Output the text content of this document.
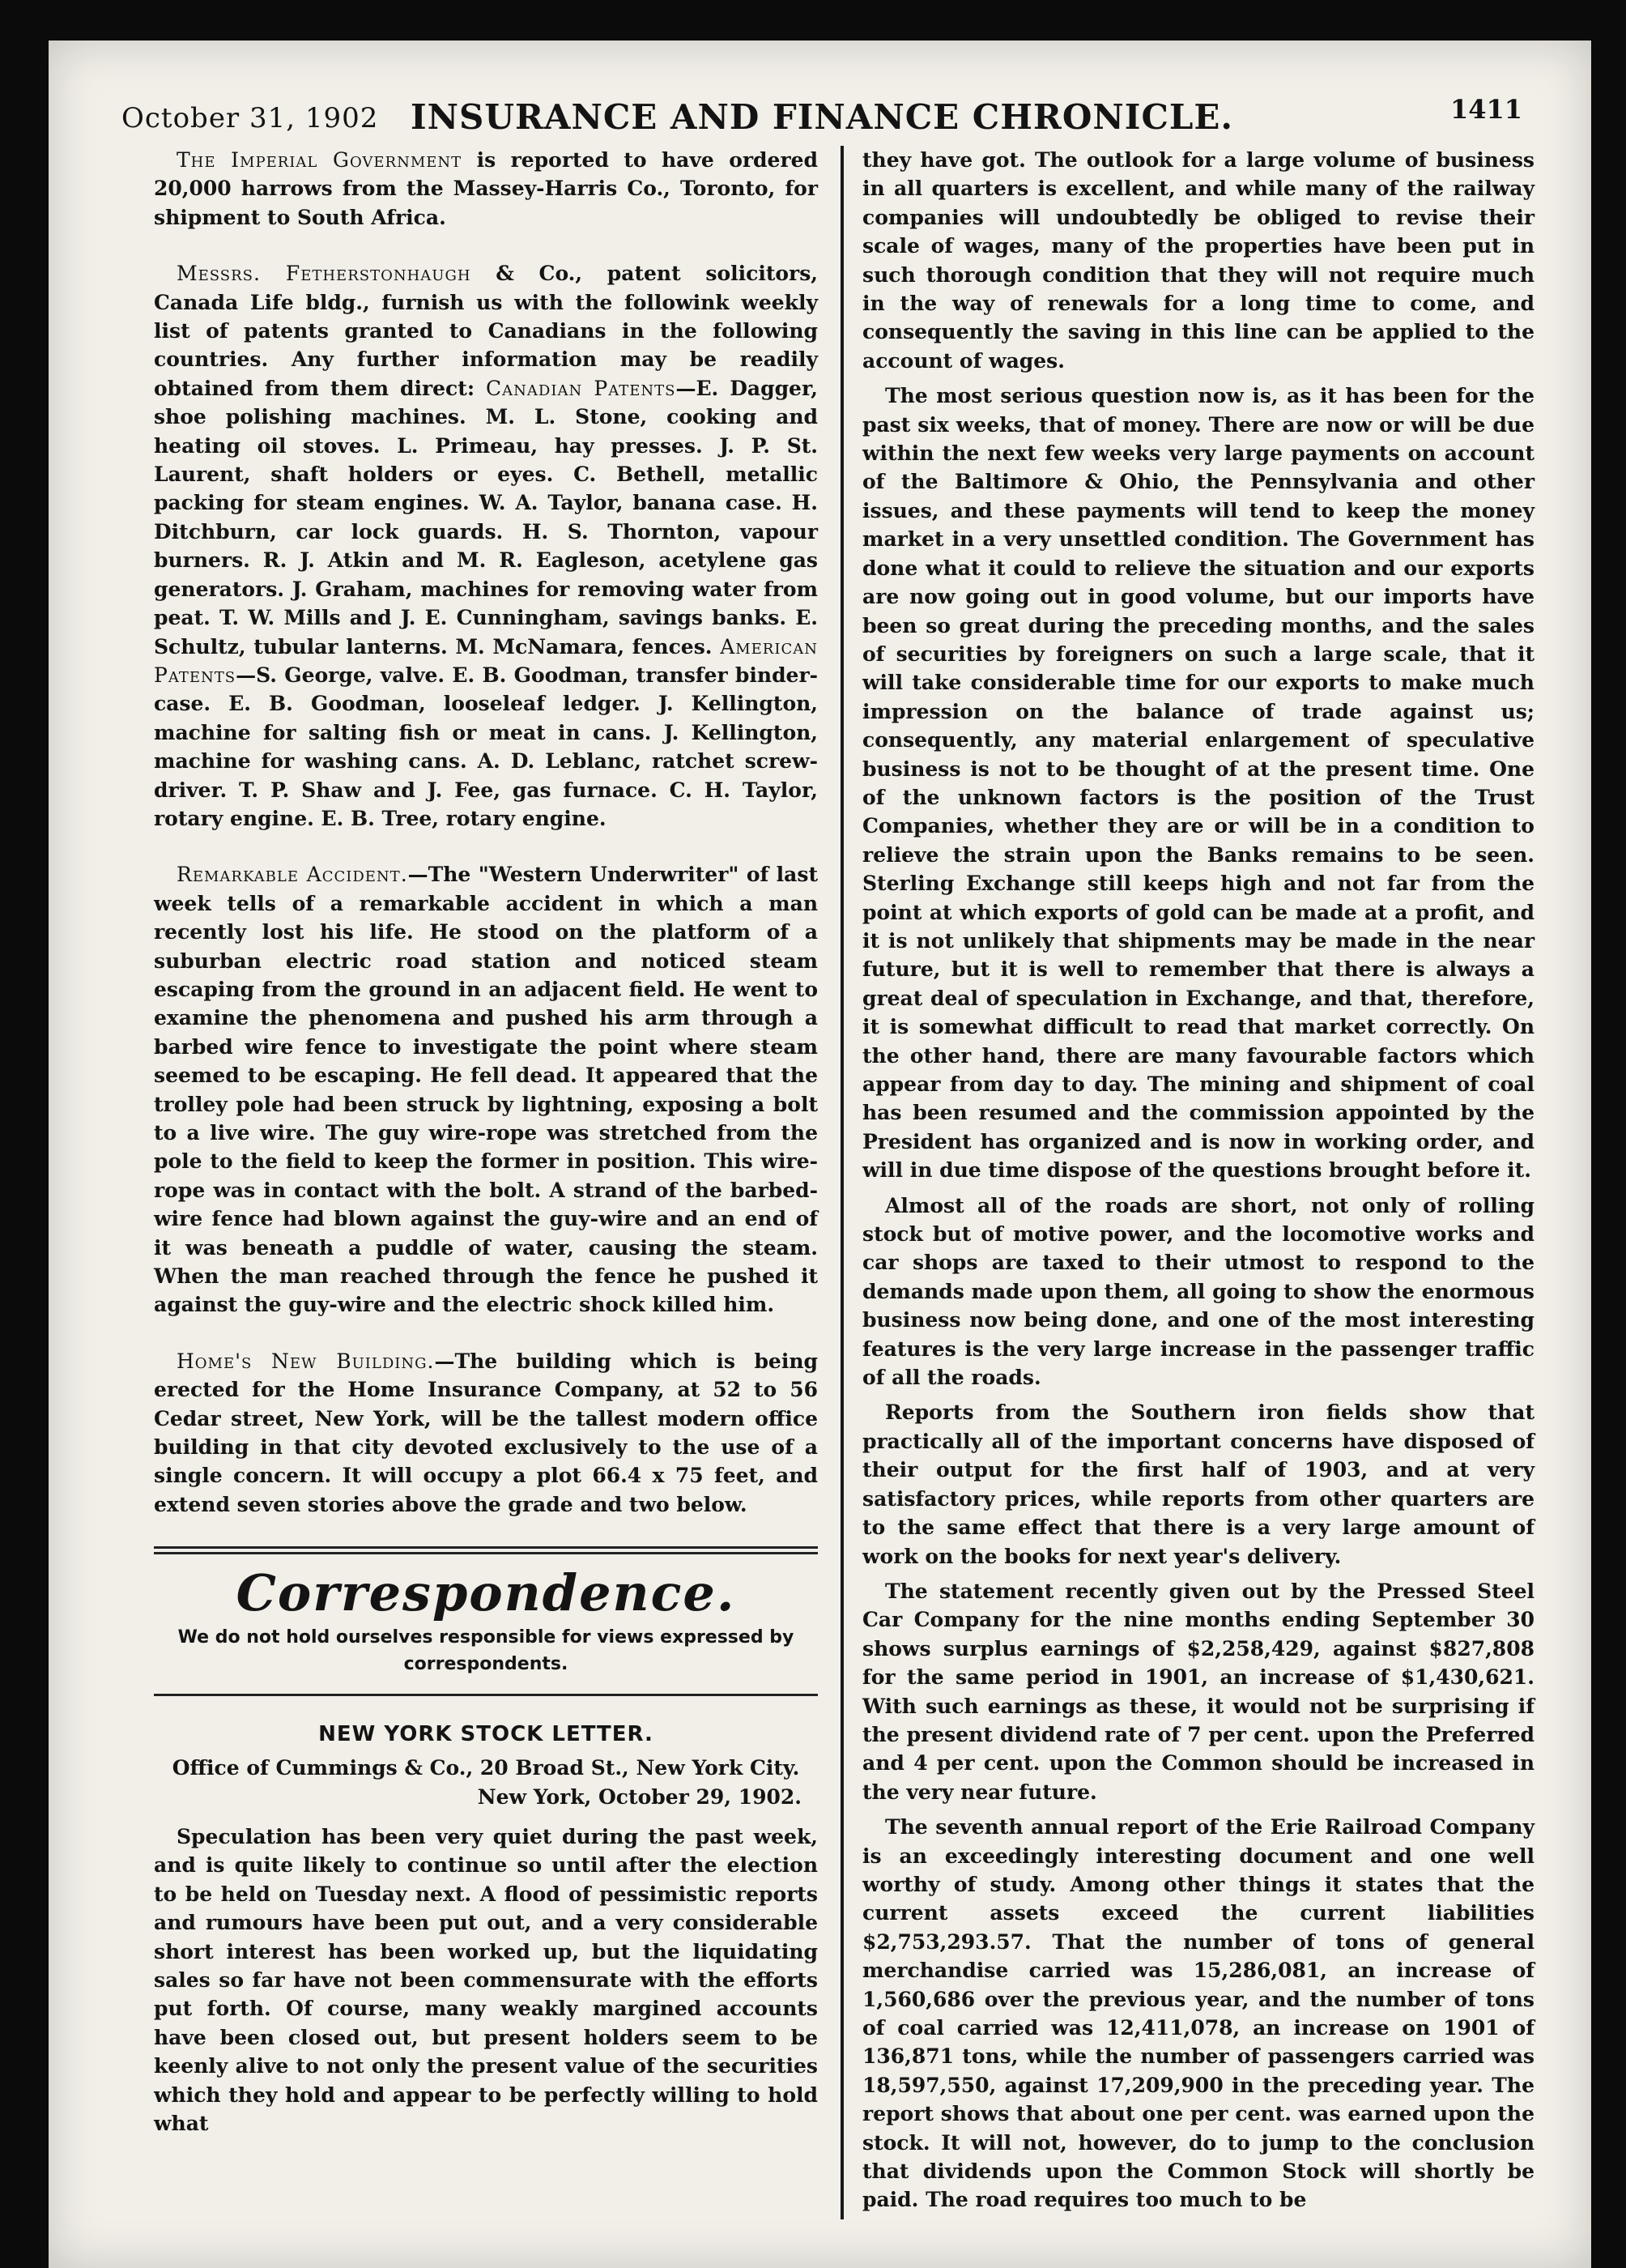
October 31, 1902 INSURANCE AND FINANCE CHRONICLE.	1411

The Imperial Government is reported to have ordered 20,000 harrows from the Massey-Harris Co., Toronto, for shipment to South Africa.

Messrs. Fetherstonhaugh & Co., patent solicitors, Canada Life bldg., furnish us with the followink weekly list of patents granted to Canadians in the following countries. Any further information may be readily obtained from them direct: Canadian Patents—E. Dagger, shoe polishing machines. M. L. Stone, cooking and heating oil stoves. L. Primeau, hay presses. J. P. St. Laurent, shaft holders or eyes. C. Bethell, metallic packing for steam engines. W. A. Taylor, banana case. H. Ditchburn, car lock guards. H. S. Thornton, vapour burners. R. J. Atkin and M. R. Eagleson, acetylene gas generators. J. Graham, machines for removing water from peat. T. W. Mills and J. E. Cunningham, savings banks. E. Schultz, tubular lanterns. M. McNamara, fences. American Patents—S. George, valve. E. B. Goodman, transfer binder-case. E. B. Goodman, looseleaf ledger. J. Kellington, machine for salting fish or meat in cans. J. Kellington, machine for washing cans. A. D. Leblanc, ratchet screw-driver. T. P. Shaw and J. Fee, gas furnace. C. H. Taylor, rotary engine. E. B. Tree, rotary engine.

Remarkable Accident.—The "Western Underwriter" of last week tells of a remarkable accident in which a man recently lost his life. He stood on the platform of a suburban electric road station and noticed steam escaping from the ground in an adjacent field. He went to examine the phenomena and pushed his arm through a barbed wire fence to investigate the point where steam seemed to be escaping. He fell dead. It appeared that the trolley pole had been struck by lightning, exposing a bolt to a live wire. The guy wire-rope was stretched from the pole to the field to keep the former in position. This wire-rope was in contact with the bolt. A strand of the barbed-wire fence had blown against the guy-wire and an end of it was beneath a puddle of water, causing the steam. When the man reached through the fence he pushed it against the guy-wire and the electric shock killed him.

Home's New Building.—The building which is being erected for the Home Insurance Company, at 52 to 56 Cedar street, New York, will be the tallest modern office building in that city devoted exclusively to the use of a single concern. It will occupy a plot 66.4 x 75 feet, and extend seven stories above the grade and two below.

Correspondence.
We do not hold ourselves responsible for views expressed by correspondents.
NEW YORK STOCK LETTER.
Office of Cummings & Co., 20 Broad St., New York City.
New York, October 29, 1902.

Speculation has been very quiet during the past week, and is quite likely to continue so until after the election to be held on Tuesday next. A flood of pessimistic reports and rumours have been put out, and a very considerable short interest has been worked up, but the liquidating sales so far have not been commensurate with the efforts put forth. Of course, many weakly margined accounts have been closed out, but present holders seem to be keenly alive to not only the present value of the securities which they hold and appear to be perfectly willing to hold what

they have got. The outlook for a large volume of business in all quarters is excellent, and while many of the railway companies will undoubtedly be obliged to revise their scale of wages, many of the properties have been put in such thorough condition that they will not require much in the way of renewals for a long time to come, and consequently the saving in this line can be applied to the account of wages.

The most serious question now is, as it has been for the past six weeks, that of money. There are now or will be due within the next few weeks very large payments on account of the Baltimore & Ohio, the Pennsylvania and other issues, and these payments will tend to keep the money market in a very unsettled condition. The Government has done what it could to relieve the situation and our exports are now going out in good volume, but our imports have been so great during the preceding months, and the sales of securities by foreigners on such a large scale, that it will take considerable time for our exports to make much impression on the balance of trade against us; consequently, any material enlargement of speculative business is not to be thought of at the present time. One of the unknown factors is the position of the Trust Companies, whether they are or will be in a condition to relieve the strain upon the Banks remains to be seen. Sterling Exchange still keeps high and not far from the point at which exports of gold can be made at a profit, and it is not unlikely that shipments may be made in the near future, but it is well to remember that there is always a great deal of speculation in Exchange, and that, therefore, it is somewhat difficult to read that market correctly. On the other hand, there are many favourable factors which appear from day to day. The mining and shipment of coal has been resumed and the commission appointed by the President has organized and is now in working order, and will in due time dispose of the questions brought before it.

Almost all of the roads are short, not only of rolling stock but of motive power, and the locomotive works and car shops are taxed to their utmost to respond to the demands made upon them, all going to show the enormous business now being done, and one of the most interesting features is the very large increase in the passenger traffic of all the roads.

Reports from the Southern iron fields show that practically all of the important concerns have disposed of their output for the first half of 1903, and at very satisfactory prices, while reports from other quarters are to the same effect that there is a very large amount of work on the books for next year's delivery.

The statement recently given out by the Pressed Steel Car Company for the nine months ending September 30 shows surplus earnings of $2,258,429, against $827,808 for the same period in 1901, an increase of $1,430,621. With such earnings as these, it would not be surprising if the present dividend rate of 7 per cent. upon the Preferred and 4 per cent. upon the Common should be increased in the very near future.

The seventh annual report of the Erie Railroad Company is an exceedingly interesting document and one well worthy of study. Among other things it states that the current assets exceed the current liabilities $2,753,293.57. That the number of tons of general merchandise carried was 15,286,081, an increase of 1,560,686 over the previous year, and the number of tons of coal carried was 12,411,078, an increase on 1901 of 136,871 tons, while the number of passengers carried was 18,597,550, against 17,209,900 in the preceding year. The report shows that about one per cent. was earned upon the stock. It will not, however, do to jump to the conclusion that dividends upon the Common Stock will shortly be paid. The road requires too much to be
